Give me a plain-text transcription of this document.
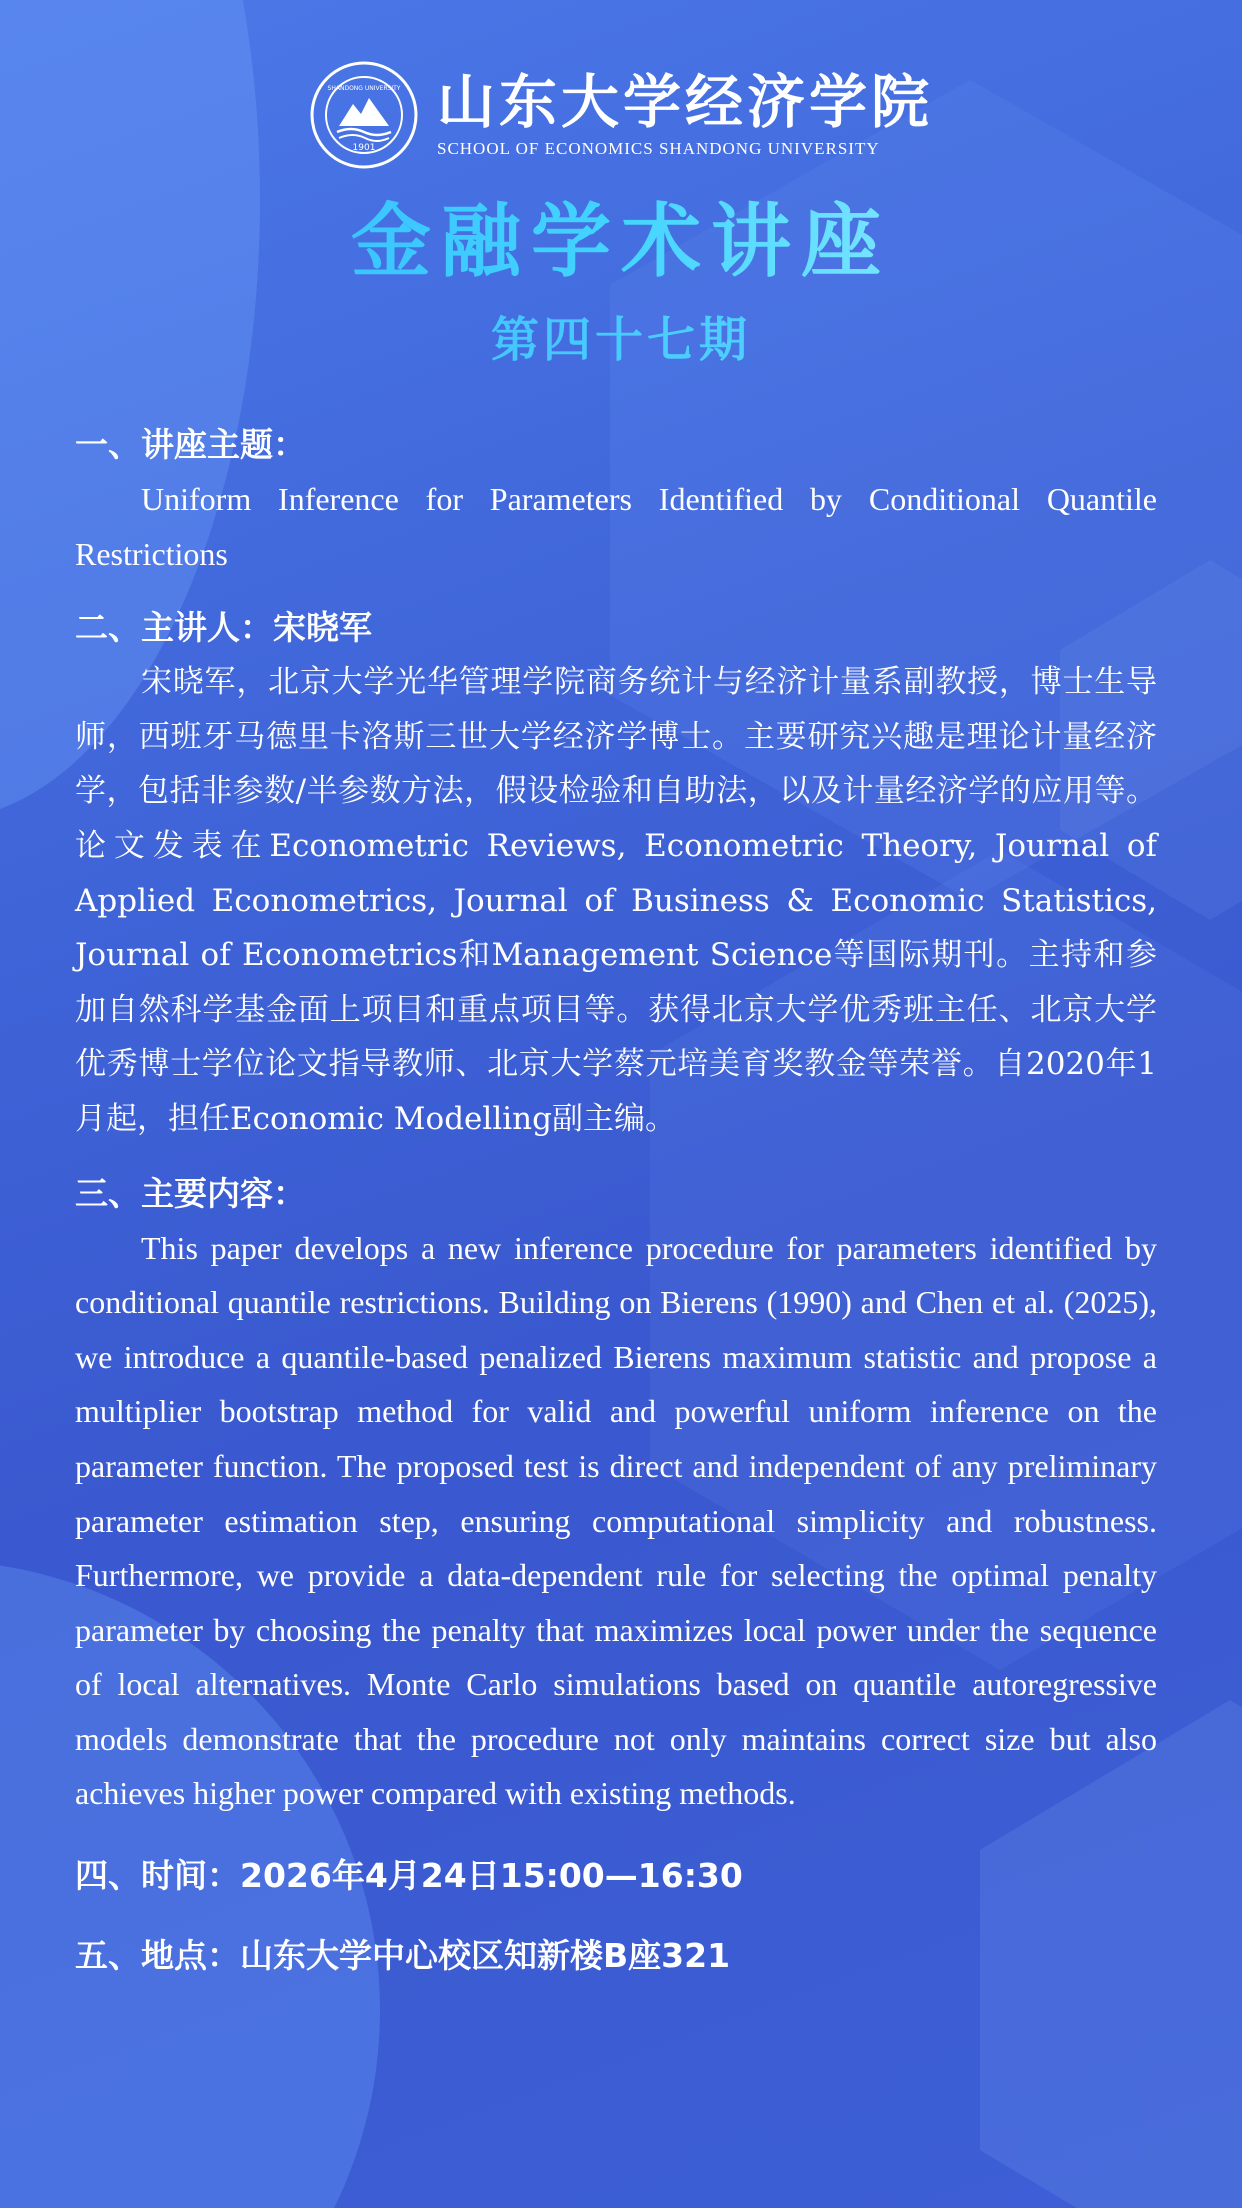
1901
SHANDONG UNIVERSITY 山东大学经济学院
SCHOOL OF ECONOMICS SHANDONG UNIVERSITY
金融学术讲座
第四十七期

一、讲座主题：

Uniform Inference for Parameters Identified by Conditional Quantile Restrictions

二、主讲人：宋晓军

宋晓军，北京大学光华管理学院商务统计与经济计量系副教授，博士生导师，西班牙马德里卡洛斯三世大学经济学博士。主要研究兴趣是理论计量经济学，包括非参数/半参数方法，假设检验和自助法，以及计量经济学的应用等。论文发表在Econometric Reviews, Econometric Theory, Journal of Applied Econometrics, Journal of Business & Economic Statistics, Journal of Econometrics和Management Science等国际期刊。主持和参加自然科学基金面上项目和重点项目等。获得北京大学优秀班主任、北京大学优秀博士学位论文指导教师、北京大学蔡元培美育奖教金等荣誉。自2020年1月起，担任Economic Modelling副主编。

三、主要内容：

This paper develops a new inference procedure for parameters identified by conditional quantile restrictions. Building on Bierens (1990) and Chen et al. (2025), we introduce a quantile-based penalized Bierens maximum statistic and propose a multiplier bootstrap method for valid and powerful uniform inference on the parameter function. The proposed test is direct and independent of any preliminary parameter estimation step, ensuring computational simplicity and robustness. Furthermore, we provide a data-dependent rule for selecting the optimal penalty parameter by choosing the penalty that maximizes local power under the sequence of local alternatives. Monte Carlo simulations based on quantile autoregressive models demonstrate that the procedure not only maintains correct size but also achieves higher power compared with existing methods.

四、时间：2026年4月24日15:00—16:30

五、地点：山东大学中心校区知新楼B座321
